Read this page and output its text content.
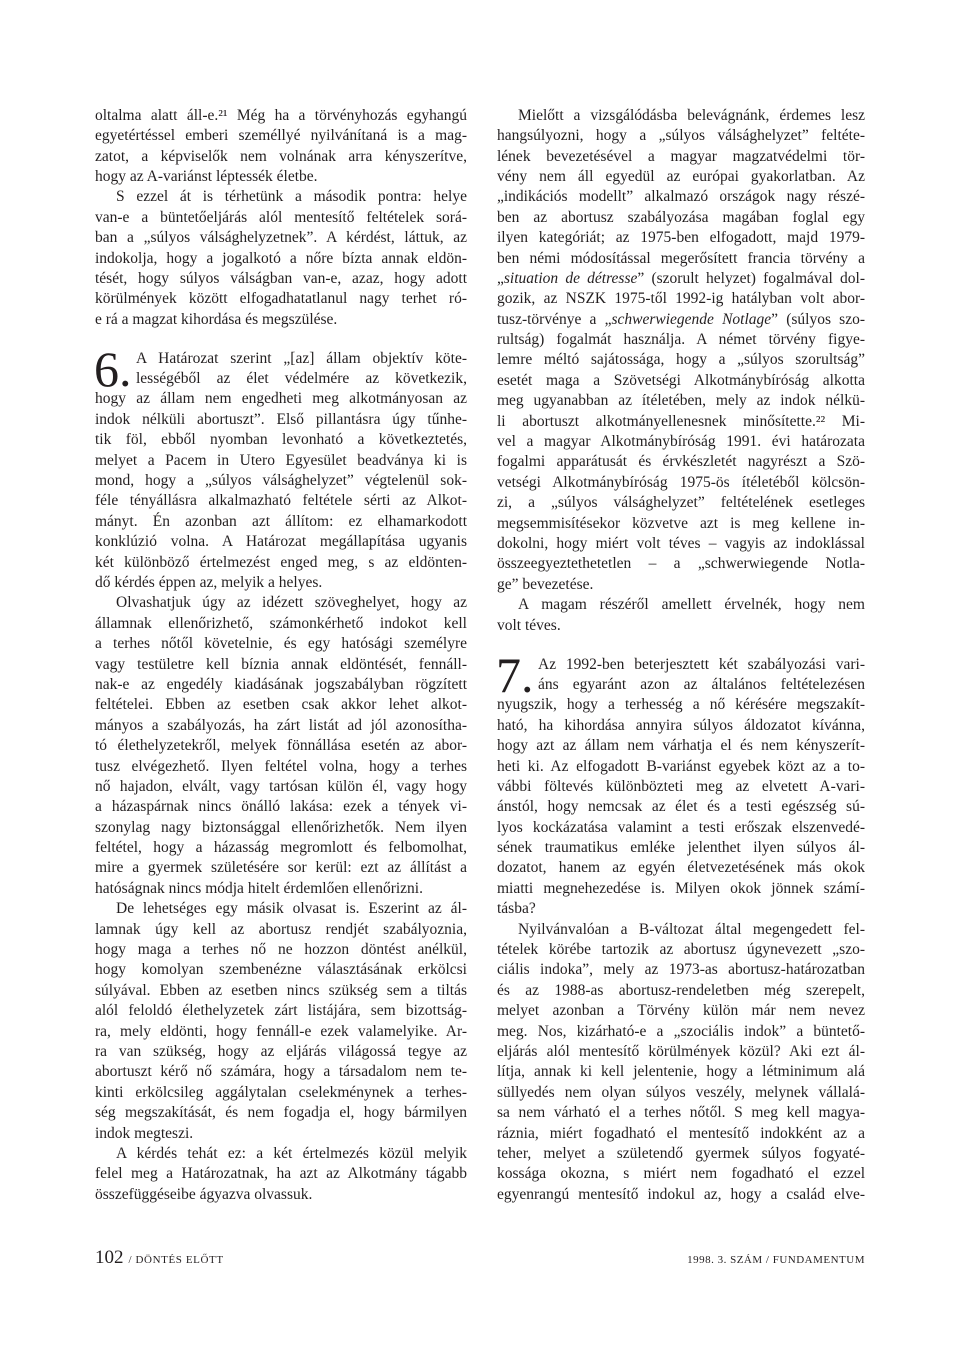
oltalma alatt áll-e.²¹ Még ha a törvényhozás egyhangú
egyetértéssel emberi személlyé nyilvánítaná is a mag-
zatot, a képviselők nem volnának arra kényszerítve,
hogy az A-variánst léptessék életbe.
S ezzel át is térhetünk a második pontra: helye
van-e a büntetőeljárás alól mentesítő feltételek sorá-
ban a „súlyos válsághelyzetnek”. A kérdést, láttuk, az
indokolja, hogy a jogalkotó a nőre bízta annak eldön-
tését, hogy súlyos válságban van-e, azaz, hogy adott
körülmények között elfogadhatatlanul nagy terhet ró-
e rá a magzat kihordása és megszülése.
6. A Határozat szerint „[az] állam objektív köte-
lességéből az élet védelmére az következik,
hogy az állam nem engedheti meg alkotmányosan az
indok nélküli abortuszt”. Első pillantásra úgy tűnhe-
tik föl, ebből nyomban levonható a következtetés,
melyet a Pacem in Utero Egyesület beadványa ki is
mond, hogy a „súlyos válsághelyzet” végtelenül sok-
féle tényállásra alkalmazható feltétele sérti az Alkot-
mányt. Én azonban azt állítom: ez elhamarkodott
konklúzió volna. A Határozat megállapítása ugyanis
két különböző értelmezést enged meg, s az eldönten-
dő kérdés éppen az, melyik a helyes.
Olvashatjuk úgy az idézett szöveghelyet, hogy az
államnak ellenőrizhető, számonkérhető indokot kell
a terhes nőtől követelnie, és egy hatósági személyre
vagy testületre kell bíznia annak eldöntését, fennáll-
nak-e az engedély kiadásának jogszabályban rögzített
feltételei. Ebben az esetben csak akkor lehet alkot-
mányos a szabályozás, ha zárt listát ad jól azonosítha-
tó élethelyzetekről, melyek fönnállása esetén az abor-
tusz elvégezhető. Ilyen feltétel volna, hogy a terhes
nő hajadon, elvált, vagy tartósan külön él, vagy hogy
a házaspárnak nincs önálló lakása: ezek a tények vi-
szonylag nagy biztonsággal ellenőrizhetők. Nem ilyen
feltétel, hogy a házasság megromlott és felbomolhat,
mire a gyermek születésére sor kerül: ezt az állítást a
hatóságnak nincs módja hitelt érdemlően ellenőrizni.
De lehetséges egy másik olvasat is. Eszerint az ál-
lamnak úgy kell az abortusz rendjét szabályoznia,
hogy maga a terhes nő ne hozzon döntést anélkül,
hogy komolyan szembenézne választásának erkölcsi
súlyával. Ebben az esetben nincs szükség sem a tiltás
alól feloldó élethelyzetek zárt listájára, sem bizottság-
ra, mely eldönti, hogy fennáll-e ezek valamelyike. Ar-
ra van szükség, hogy az eljárás világossá tegye az
abortuszt kérő nő számára, hogy a társadalom nem te-
kinti erkölcsileg aggálytalan cselekménynek a terhes-
ség megszakítását, és nem fogadja el, hogy bármilyen
indok megteszi.
A kérdés tehát ez: a két értelmezés közül melyik
felel meg a Határozatnak, ha azt az Alkotmány tágabb
összefüggéseibe ágyazva olvassuk.
Mielőtt a vizsgálódásba belevágnánk, érdemes lesz
hangsúlyozni, hogy a „súlyos válsághelyzet” feltéte-
lének bevezetésével a magyar magzatvédelmi tör-
vény nem áll egyedül az európai gyakorlatban. Az
„indikációs modellt” alkalmazó országok nagy részé-
ben az abortusz szabályozása magában foglal egy
ilyen kategóriát; az 1975-ben elfogadott, majd 1979-
ben némi módosítással megerősített francia törvény a
„situation de détresse” (szorult helyzet) fogalmával dol-
gozik, az NSZK 1975-től 1992-ig hatályban volt abor-
tusz-törvénye a „schwerwiegende Notlage” (súlyos szo-
rultság) fogalmát használja. A német törvény figye-
lemre méltó sajátossága, hogy a „súlyos szorultság”
esetét maga a Szövetségi Alkotmánybíróság alkotta
meg ugyanabban az ítéletében, mely az indok nélkü-
li abortuszt alkotmányellenesnek minősítette.²² Mi-
vel a magyar Alkotmánybíróság 1991. évi határozata
fogalmi apparátusát és érvkészletét nagyrészt a Szö-
vetségi Alkotmánybíróság 1975-ös ítéletéből kölcsön-
zi, a „súlyos válsághelyzet” feltételének esetleges
megsemmisítésekor közvetve azt is meg kellene in-
dokolni, hogy miért volt téves – vagyis az indoklással
összeegyeztethetetlen – a „schwerwiegende Notla-
ge” bevezetése.
A magam részéről amellett érvelnék, hogy nem
volt téves.
7. Az 1992-ben beterjesztett két szabályozási vari-
áns egyaránt azon az általános feltételezésen
nyugszik, hogy a terhesség a nő kérésére megszakít-
ható, ha kihordása annyira súlyos áldozatot kívánna,
hogy azt az állam nem várhatja el és nem kényszerít-
heti ki. Az elfogadott B-variánst egyebek közt az a to-
vábbi föltevés különbözteti meg az elvetett A-vari-
ánstól, hogy nemcsak az élet és a testi egészség sú-
lyos kockázatása valamint a testi erőszak elszenvedé-
sének traumatikus emléke jelenthet ilyen súlyos ál-
dozatot, hanem az egyén életvezetésének más okok
miatti megnehezedése is. Milyen okok jönnek számí-
tásba?
Nyilvánvalóan a B-változat által megengedett fel-
tételek körébe tartozik az abortusz úgynevezett „szo-
ciális indoka”, mely az 1973-as abortusz-határozatban
és az 1988-as abortusz-rendeletben még szerepelt,
melyet azonban a Törvény külön már nem nevez
meg. Nos, kizárható-e a „szociális indok” a büntető-
eljárás alól mentesítő körülmények közül? Aki ezt ál-
lítja, annak ki kell jelentenie, hogy a létminimum alá
süllyedés nem olyan súlyos veszély, melynek vállalá-
sa nem várható el a terhes nőtől. S meg kell magya-
ráznia, miért fogadható el mentesítő indokként az a
teher, melyet a születendő gyermek súlyos fogyaté-
kossága okozna, s miért nem fogadható el ezzel
egyenrangú mentesítő indokul az, hogy a család elve-
102 / DÖNTÉS ELŐTT	1998. 3. SZÁM / FUNDAMENTUM
